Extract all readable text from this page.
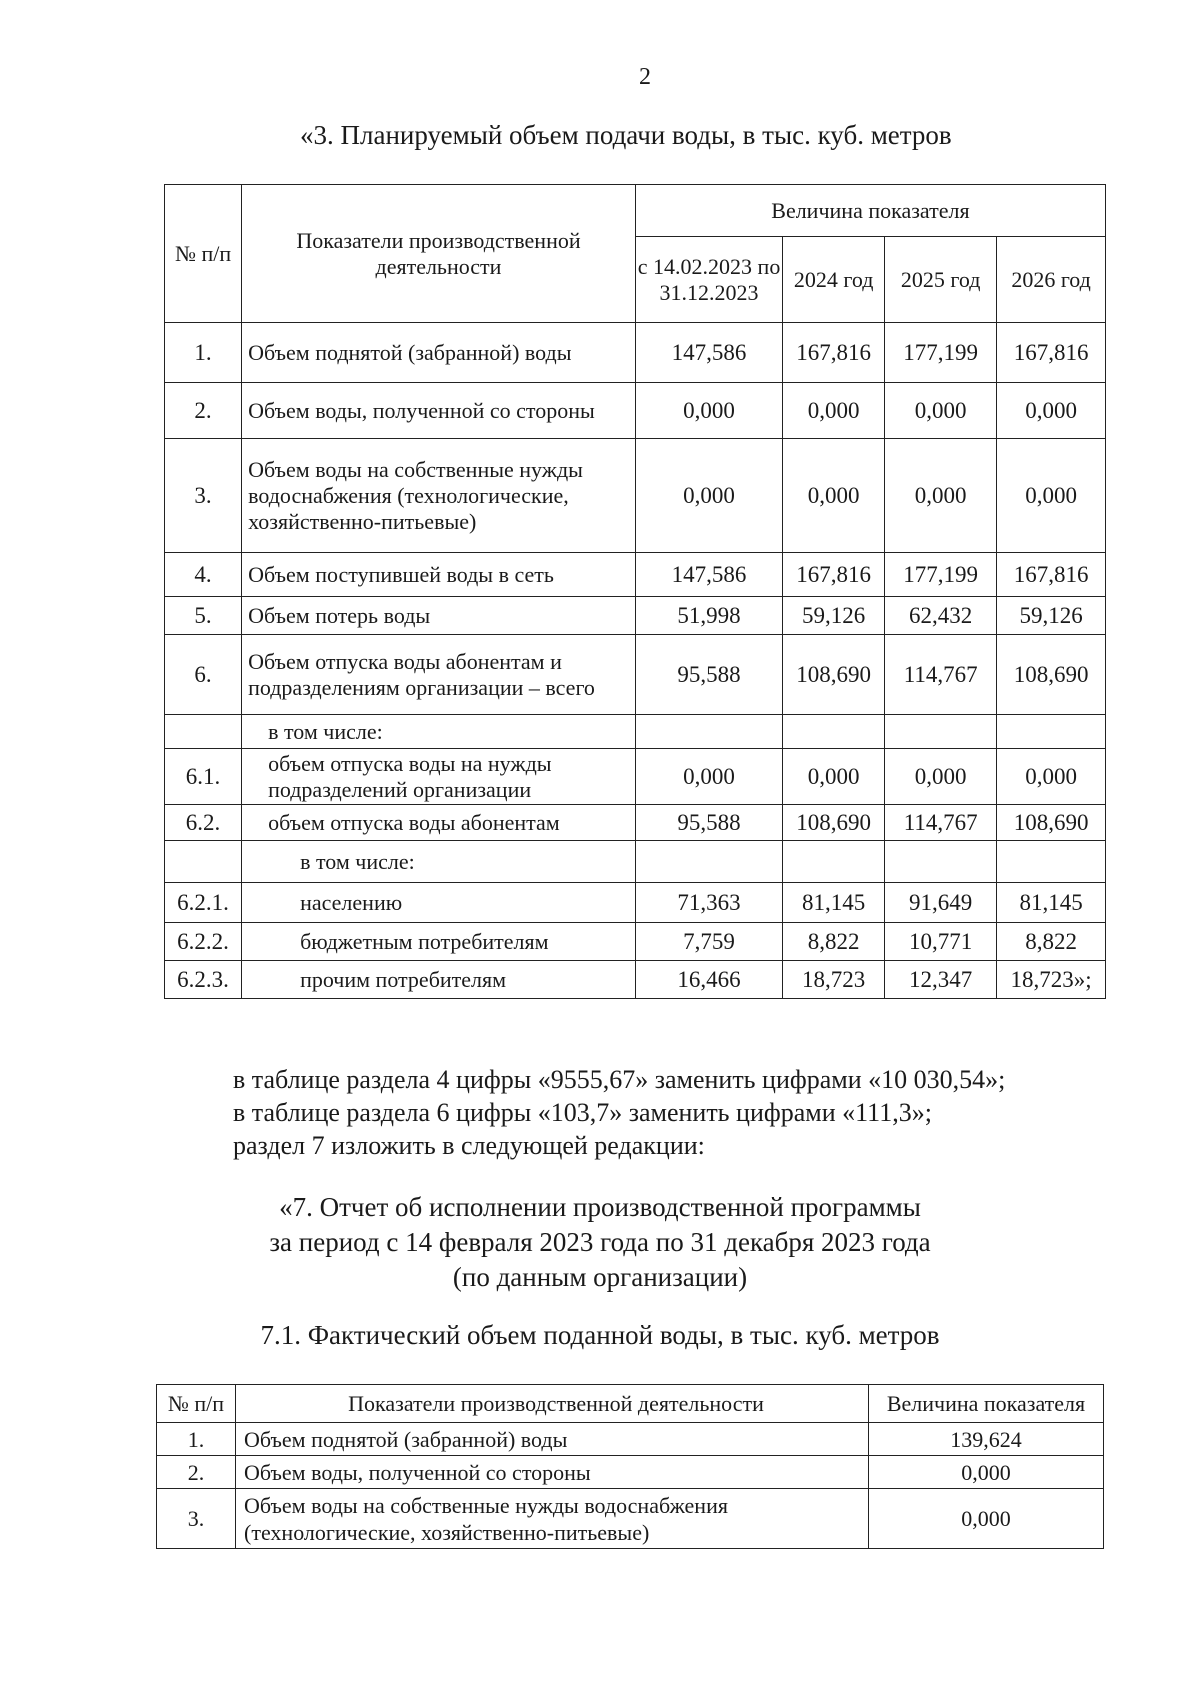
2
«3. Планируемый объем подачи воды, в тыс. куб. метров
№ п/п	Показатели производственной деятельности	Величина показателя			
		с 14.02.2023 по 31.12.2023	2024 год	2025 год	2026 год
1.	Объем поднятой (забранной) воды	147,586	167,816	177,199	167,816
2.	Объем воды, полученной со стороны	0,000	0,000	0,000	0,000
3.	Объем воды на собственные нужды водоснабжения (технологические, хозяйственно-питьевые)	0,000	0,000	0,000	0,000
4.	Объем поступившей воды в сеть	147,586	167,816	177,199	167,816
5.	Объем потерь воды	51,998	59,126	62,432	59,126
6.	Объем отпуска воды абонентам и подразделениям организации – всего	95,588	108,690	114,767	108,690
	в том числе:				
6.1.	объем отпуска воды на нужды подразделений организации	0,000	0,000	0,000	0,000
6.2.	объем отпуска воды абонентам	95,588	108,690	114,767	108,690
	в том числе:				
6.2.1.	населению	71,363	81,145	91,649	81,145
6.2.2.	бюджетным потребителям	7,759	8,822	10,771	8,822
6.2.3.	прочим потребителям	16,466	18,723	12,347	18,723»;
в таблице раздела 4 цифры «9555,67» заменить цифрами «10 030,54»;
в таблице раздела 6 цифры «103,7» заменить цифрами «111,3»;
раздел 7 изложить в следующей редакции:
«7. Отчет об исполнении производственной программы
за период с 14 февраля 2023 года по 31 декабря 2023 года
(по данным организации)
7.1. Фактический объем поданной воды, в тыс. куб. метров
№ п/п	Показатели производственной деятельности	Величина показателя
1.	Объем поднятой (забранной) воды	139,624
2.	Объем воды, полученной со стороны	0,000
3.	Объем воды на собственные нужды водоснабжения (технологические, хозяйственно-питьевые)	0,000
